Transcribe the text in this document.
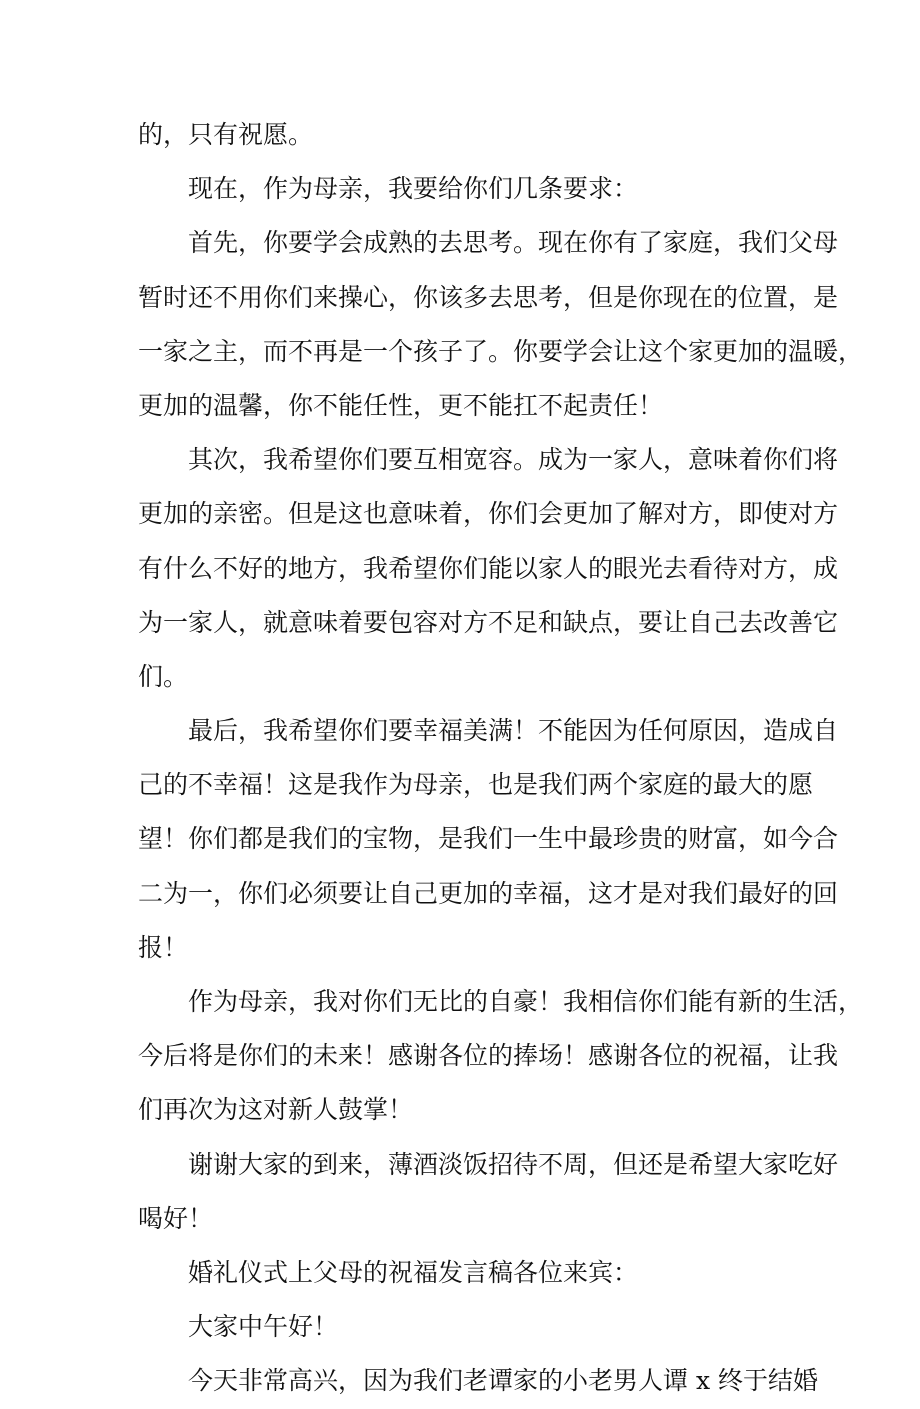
的，只有祝愿。
现在，作为母亲，我要给你们几条要求：
首先，你要学会成熟的去思考。现在你有了家庭，我们父母
暂时还不用你们来操心，你该多去思考，但是你现在的位置，是
一家之主，而不再是一个孩子了。你要学会让这个家更加的温暖，
更加的温馨，你不能任性，更不能扛不起责任！
其次，我希望你们要互相宽容。成为一家人，意味着你们将
更加的亲密。但是这也意味着，你们会更加了解对方，即使对方
有什么不好的地方，我希望你们能以家人的眼光去看待对方，成
为一家人，就意味着要包容对方不足和缺点，要让自己去改善它
们。
最后，我希望你们要幸福美满！不能因为任何原因，造成自
己的不幸福！这是我作为母亲，也是我们两个家庭的最大的愿
望！你们都是我们的宝物，是我们一生中最珍贵的财富，如今合
二为一，你们必须要让自己更加的幸福，这才是对我们最好的回
报！
作为母亲，我对你们无比的自豪！我相信你们能有新的生活，
今后将是你们的未来！感谢各位的捧场！感谢各位的祝福，让我
们再次为这对新人鼓掌！
谢谢大家的到来，薄酒淡饭招待不周，但还是希望大家吃好
喝好！
婚礼仪式上父母的祝福发言稿各位来宾：
大家中午好！
今天非常高兴，因为我们老谭家的小老男人谭 x 终于结婚
